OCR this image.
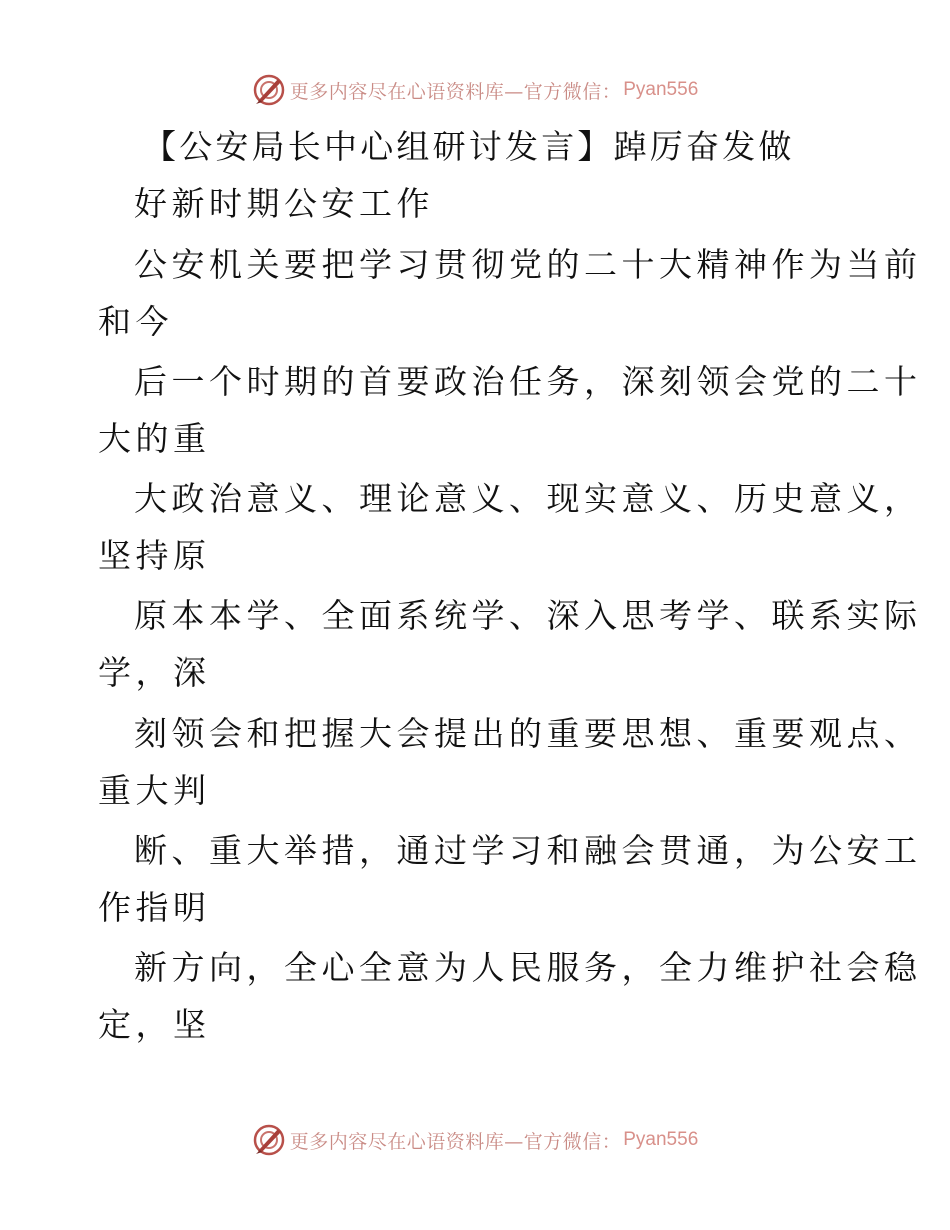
更多内容尽在心语资料库—官方微信： Pyan556
【公安局长中心组研讨发言】踔厉奋发做
好新时期公安工作
公安机关要把学习贯彻党的二十大精神作为当前
和今
后一个时期的首要政治任务，深刻领会党的二十
大的重
大政治意义、理论意义、现实意义、历史意义，
坚持原
原本本学、全面系统学、深入思考学、联系实际
学，深
刻领会和把握大会提出的重要思想、重要观点、
重大判
断、重大举措，通过学习和融会贯通，为公安工
作指明
新方向，全心全意为人民服务，全力维护社会稳
定，坚
更多内容尽在心语资料库—官方微信： Pyan556
